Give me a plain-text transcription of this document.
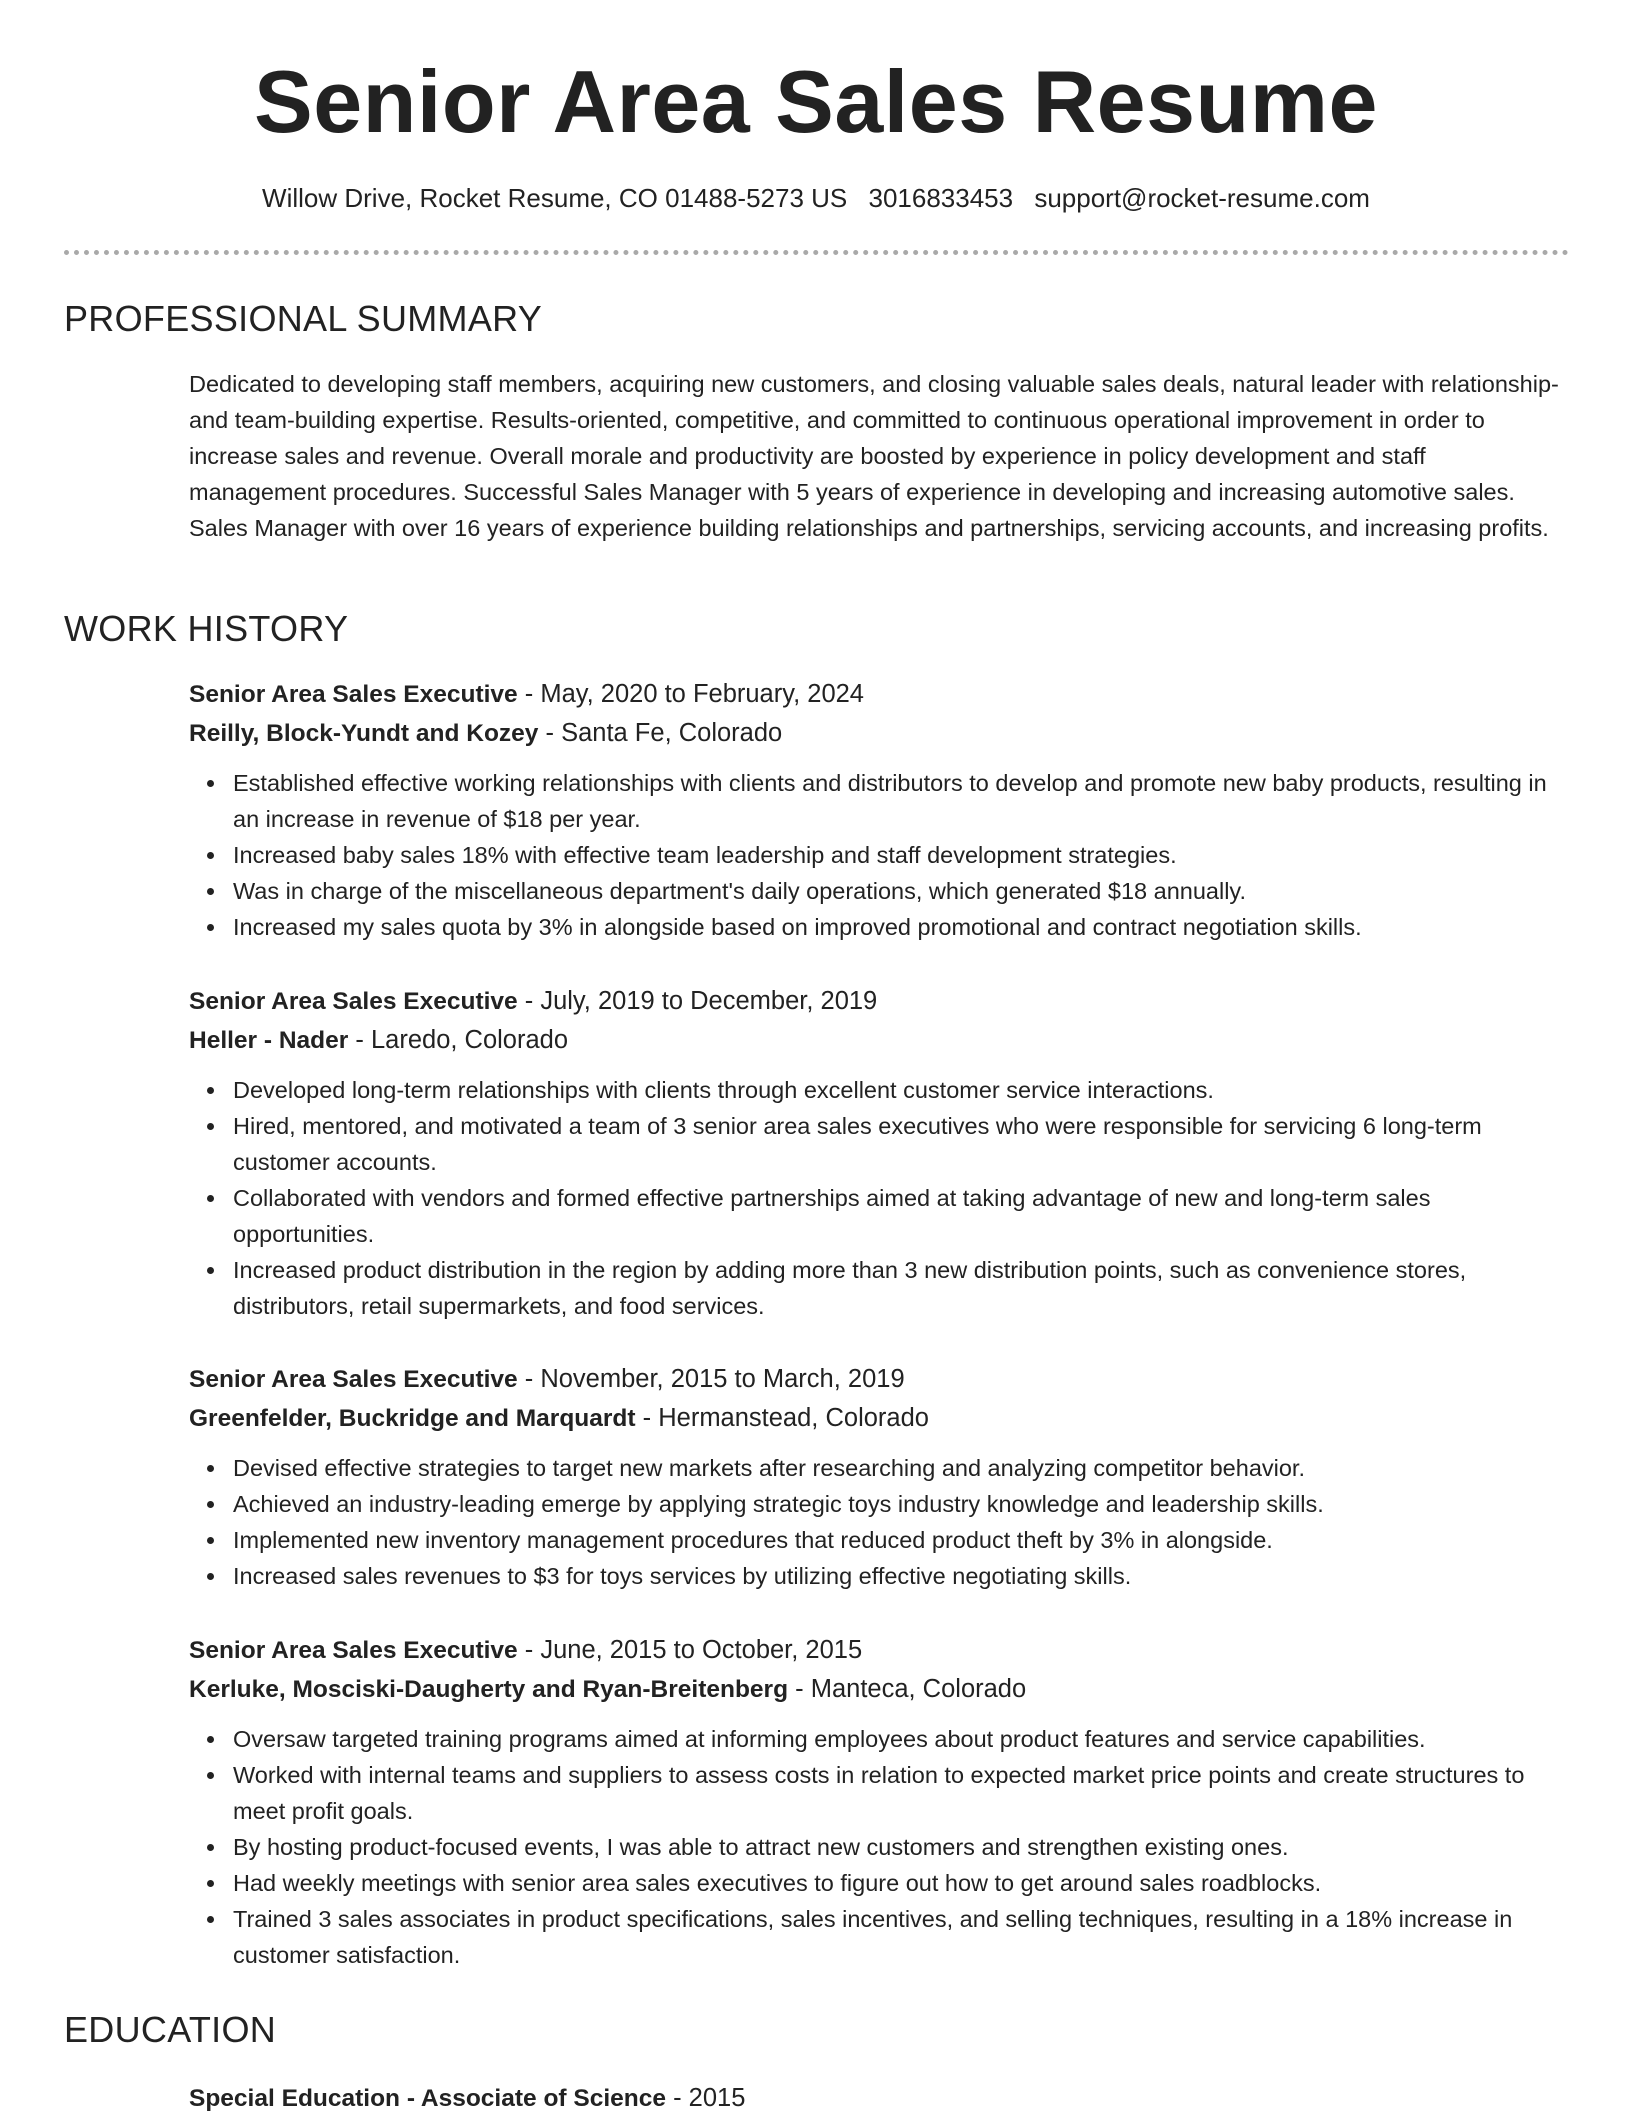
Senior Area Sales Resume
Willow Drive, Rocket Resume, CO 01488-5273 US 3016833453 support@rocket-resume.com
PROFESSIONAL SUMMARY

Dedicated to developing staff members, acquiring new customers, and closing valuable sales deals, natural leader with relationship- and team-building expertise. Results-oriented, competitive, and committed to continuous operational improvement in order to increase sales and revenue. Overall morale and productivity are boosted by experience in policy development and staff management procedures. Successful Sales Manager with 5 years of experience in developing and increasing automotive sales. Sales Manager with over 16 years of experience building relationships and partnerships, servicing accounts, and increasing profits.

WORK HISTORY
Senior Area Sales Executive - May, 2020 to February, 2024
Reilly, Block-Yundt and Kozey - Santa Fe, Colorado
Established effective working relationships with clients and distributors to develop and promote new baby products, resulting in an increase in revenue of $18 per year.
Increased baby sales 18% with effective team leadership and staff development strategies.
Was in charge of the miscellaneous department's daily operations, which generated $18 annually.
Increased my sales quota by 3% in alongside based on improved promotional and contract negotiation skills.
Senior Area Sales Executive - July, 2019 to December, 2019
Heller - Nader - Laredo, Colorado
Developed long-term relationships with clients through excellent customer service interactions.
Hired, mentored, and motivated a team of 3 senior area sales executives who were responsible for servicing 6 long-term customer accounts.
Collaborated with vendors and formed effective partnerships aimed at taking advantage of new and long-term sales opportunities.
Increased product distribution in the region by adding more than 3 new distribution points, such as convenience stores, distributors, retail supermarkets, and food services.
Senior Area Sales Executive - November, 2015 to March, 2019
Greenfelder, Buckridge and Marquardt - Hermanstead, Colorado
Devised effective strategies to target new markets after researching and analyzing competitor behavior.
Achieved an industry-leading emerge by applying strategic toys industry knowledge and leadership skills.
Implemented new inventory management procedures that reduced product theft by 3% in alongside.
Increased sales revenues to $3 for toys services by utilizing effective negotiating skills.
Senior Area Sales Executive - June, 2015 to October, 2015
Kerluke, Mosciski-Daugherty and Ryan-Breitenberg - Manteca, Colorado
Oversaw targeted training programs aimed at informing employees about product features and service capabilities.
Worked with internal teams and suppliers to assess costs in relation to expected market price points and create structures to meet profit goals.
By hosting product-focused events, I was able to attract new customers and strengthen existing ones.
Had weekly meetings with senior area sales executives to figure out how to get around sales roadblocks.
Trained 3 sales associates in product specifications, sales incentives, and selling techniques, resulting in a 18% increase in customer satisfaction.
EDUCATION
Special Education - Associate of Science - 2015
